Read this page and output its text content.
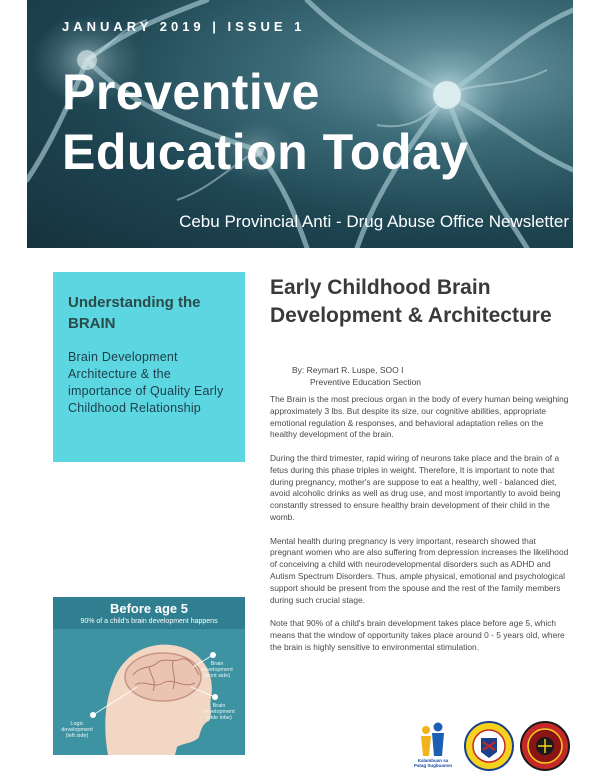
JANUARY 2019 | ISSUE 1
Preventive
Education Today
Cebu Provincial Anti - Drug Abuse Office Newsletter
Understanding the BRAIN
Brain Development Architecture & the importance of Quality Early Childhood Relationship
Before age 5
90% of a child's brain development happens
Brain development (front side)
Brain development (side lobe)
Logic development (left side)
Early Childhood Brain Development & Architecture
By: Reymart R. Luspe, SOO I
Preventive Education Section

The Brain is the most precious organ in the body of every human being weighing approximately 3 lbs. But despite its size, our cognitive abilities, appropriate emotional regulation & responses, and behavioral adaptation relies on the healthy development of the brain.

During the third trimester, rapid wiring of neurons take place and the brain of a fetus during this phase triples in weight. Therefore, It is important to note that during pregnancy, mother's are suppose to eat a healthy, well - balanced diet, avoid alcoholic drinks as well as drug use, and most importantly to avoid being constantly stressed to ensure healthy brain development of their child in the womb.

Mental health during pregnancy is very important, research showed that pregnant women who are also suffering from depression increases the likelihood of conceiving a child with neurodevelopmental disorders such as ADHD and Autism Spectrum Disorders. Thus, ample physical, emotional and psychological support should be present from the spouse and the rest of the family members during such crucial stage.

Note that 90% of a child's brain development takes place before age 5, which means that the window of opportunity takes place around 0 - 5 years old, where the brain is highly sensitive to environmental stimulation.

Kalambuan sa Patag Sugbuanon
